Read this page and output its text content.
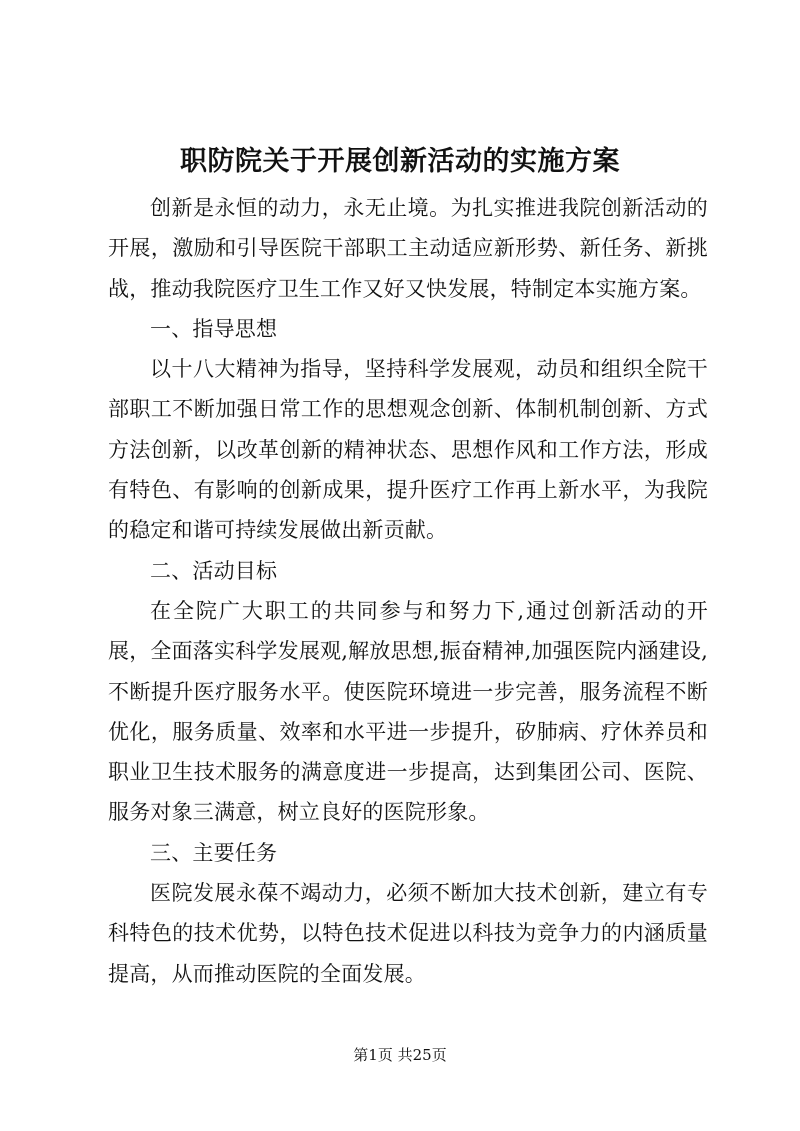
职防院关于开展创新活动的实施方案

创新是永恒的动力，永无止境。为扎实推进我院创新活动的开展，激励和引导医院干部职工主动适应新形势、新任务、新挑战，推动我院医疗卫生工作又好又快发展，特制定本实施方案。

一、指导思想

以十八大精神为指导，坚持科学发展观，动员和组织全院干部职工不断加强日常工作的思想观念创新、体制机制创新、方式方法创新，以改革创新的精神状态、思想作风和工作方法，形成有特色、有影响的创新成果，提升医疗工作再上新水平，为我院的稳定和谐可持续发展做出新贡献。

二、活动目标

在全院广大职工的共同参与和努力下,通过创新活动的开展，全面落实科学发展观,解放思想,振奋精神,加强医院内涵建设,不断提升医疗服务水平。使医院环境进一步完善，服务流程不断优化，服务质量、效率和水平进一步提升，矽肺病、疗休养员和职业卫生技术服务的满意度进一步提高，达到集团公司、医院、服务对象三满意，树立良好的医院形象。

三、主要任务

医院发展永葆不竭动力，必须不断加大技术创新，建立有专科特色的技术优势，以特色技术促进以科技为竞争力的内涵质量提高，从而推动医院的全面发展。

第1页 共25页
